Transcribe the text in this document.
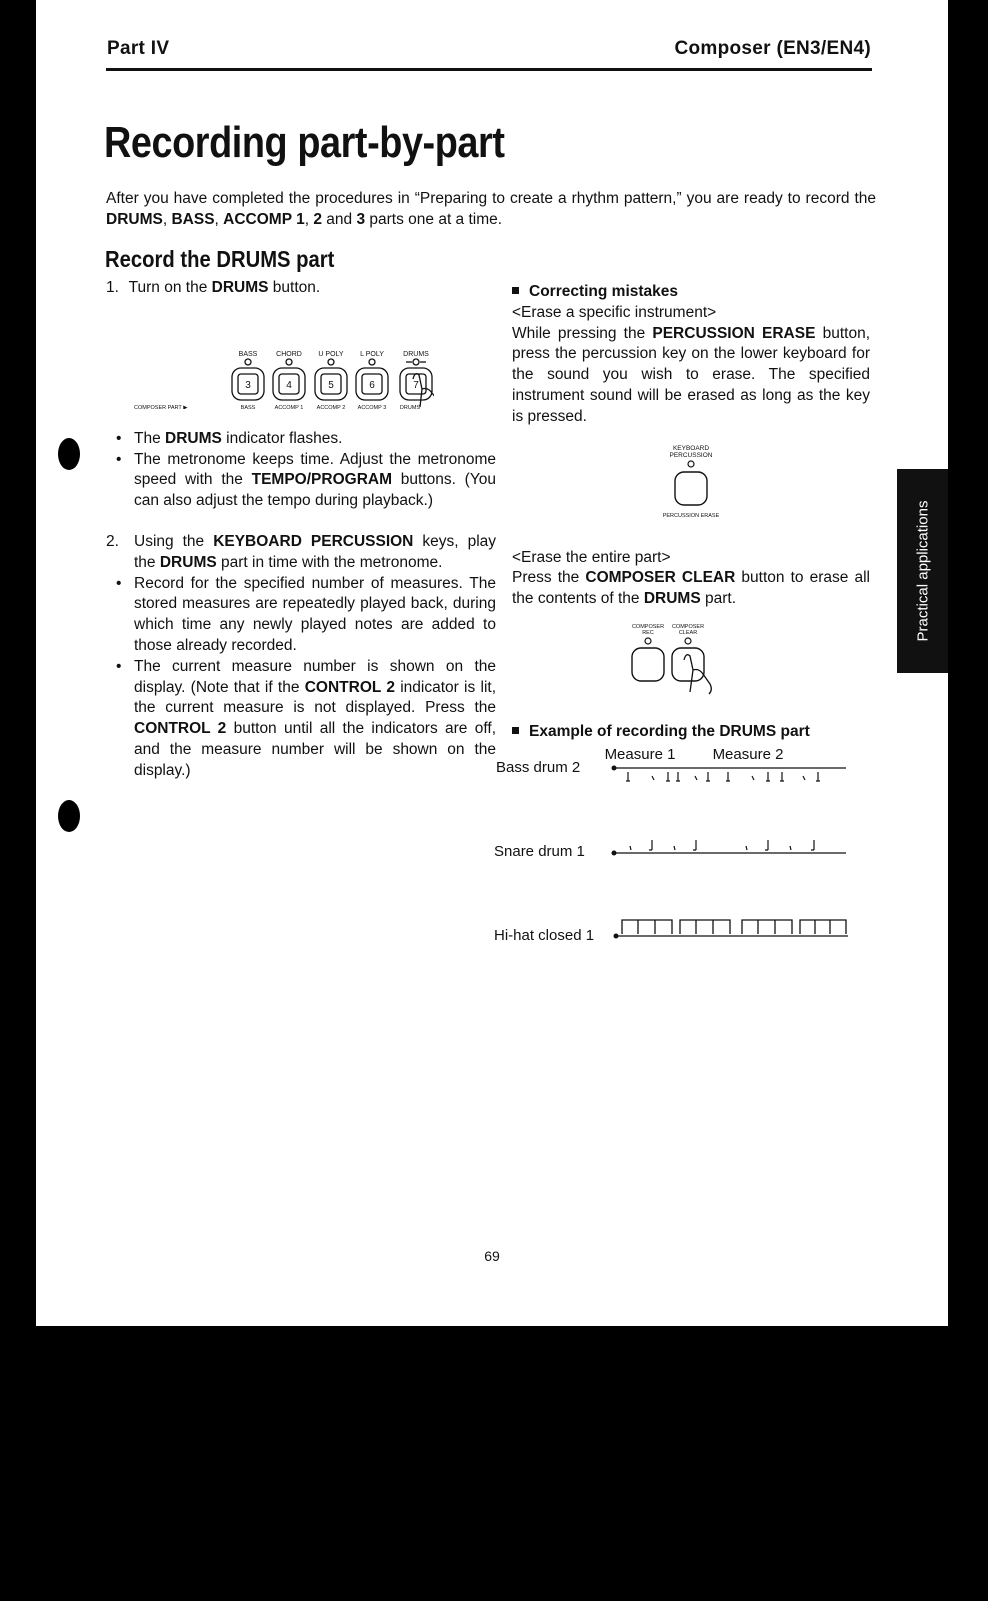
Part IV	Composer (EN3/EN4)
Recording part-by-part
After you have completed the procedures in “Preparing to create a rhythm pattern,” you are ready to record the DRUMS, BASS, ACCOMP 1, 2 and 3 parts one at a time.
Record the DRUMS part

1. Turn on the DRUMS button.

BASS	CHORD U POLY L POLY	DRUMS
3	4	5	6	7
COMPOSER PART ▶	BASS	ACCOMP 1 ACCOMP 2 ACCOMP 3 DRUMS

• The DRUMS indicator flashes.

• The metronome keeps time. Adjust the metronome speed with the TEMPO/PROGRAM buttons. (You can also adjust the tempo during playback.)

2. Using the KEYBOARD PERCUSSION keys, play the DRUMS part in time with the metronome.

• Record for the specified number of measures. The stored measures are repeatedly played back, during which time any newly played notes are added to those already recorded.

• The current measure number is shown on the display. (Note that if the CONTROL 2 indicator is lit, the current measure is not displayed. Press the CONTROL 2 button until all the indicators are off, and the measure number will be shown on the display.)

Correcting mistakes

<Erase a specific instrument>

While pressing the PERCUSSION ERASE button, press the percussion key on the lower keyboard for the sound you wish to erase. The specified instrument sound will be erased as long as the key is pressed.

KEYBOARD
PERCUSSION
PERCUSSION ERASE

<Erase the entire part>

Press the COMPOSER CLEAR button to erase all the contents of the DRUMS part.

COMPOSER
REC
COMPOSER
CLEAR

Example of recording the DRUMS part

Measure 1 Measure 2
Bass drum 2
Snare drum 1
Hi-hat closed 1
69
Practical applications
